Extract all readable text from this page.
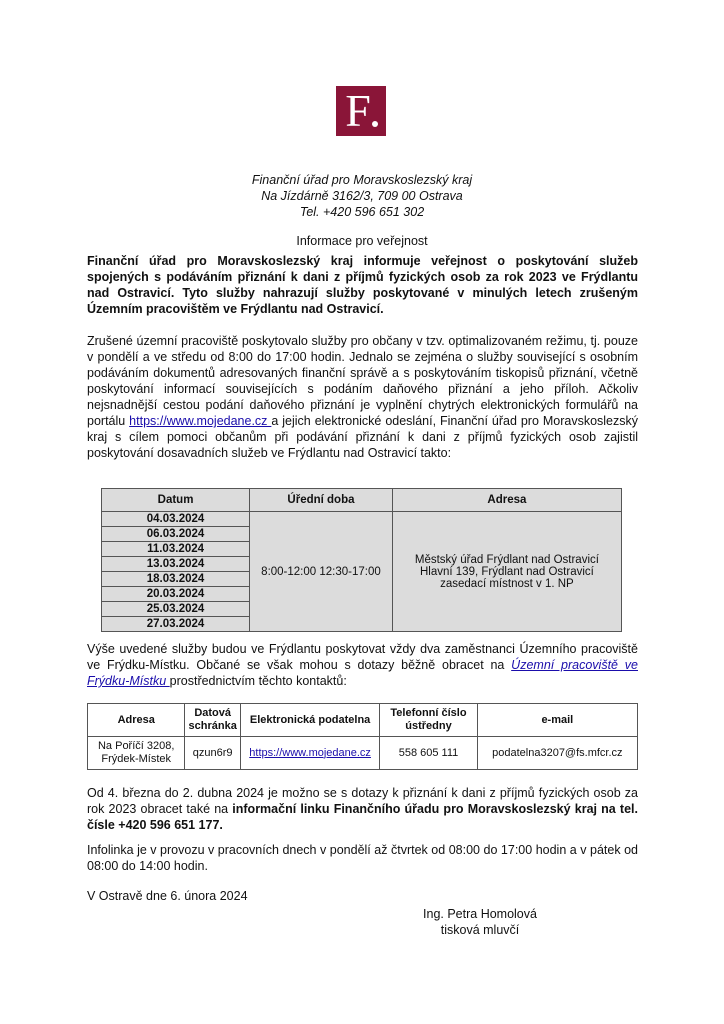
F
Finanční úřad pro Moravskoslezský kraj
Na Jízdárně 3162/3, 709 00 Ostrava
Tel. +420 596 651 302
Informace pro veřejnost
Finanční úřad pro Moravskoslezský kraj informuje veřejnost o poskytování služeb spojených s podáváním přiznání k dani z příjmů fyzických osob za rok 2023 ve Frýdlantu nad Ostravicí. Tyto služby nahrazují služby poskytované v minulých letech zrušeným Územním pracovištěm ve Frýdlantu nad Ostravicí.
Zrušené územní pracoviště poskytovalo služby pro občany v tzv. optimalizovaném režimu, tj. pouze v pondělí a ve středu od 8:00 do 17:00 hodin. Jednalo se zejména o služby související s osobním podáváním dokumentů adresovaných finanční správě a s poskytováním tiskopisů přiznání, včetně poskytování informací souvisejících s podáním daňového přiznání a jeho příloh. Ačkoliv nejsnadnější cestou podání daňového přiznání je vyplnění chytrých elektronických formulářů na portálu https://www.mojedane.cz a jejich elektronické odeslání, Finanční úřad pro Moravskoslezský kraj s cílem pomoci občanům při podávání přiznání k dani z příjmů fyzických osob zajistil poskytování dosavadních služeb ve Frýdlantu nad Ostravicí takto:
Datum	Úřední doba	Adresa
04.03.2024	8:00-12:00 12:30-17:00	Městský úřad Frýdlant nad Ostravicí
Hlavní 139, Frýdlant nad Ostravicí
zasedací místnost v 1. NP

06.03.2024		
11.03.2024		
13.03.2024		
18.03.2024		
20.03.2024		
25.03.2024		
27.03.2024		
Výše uvedené služby budou ve Frýdlantu poskytovat vždy dva zaměstnanci Územního pracoviště ve Frýdku-Místku. Občané se však mohou s dotazy běžně obracet na Územní pracoviště ve Frýdku-Místku prostřednictvím těchto kontaktů:
Adresa	Datová schránka	Elektronická podatelna	Telefonní číslo ústředny	e-mail

Na Poříčí 3208,
Frýdek-Místek	qzun6r9	https://www.mojedane.cz	558 605 111	podatelna3207@fs.mfcr.cz
Od 4. března do 2. dubna 2024 je možno se s dotazy k přiznání k dani z příjmů fyzických osob za rok 2023 obracet také na informační linku Finančního úřadu pro Moravskoslezský kraj na tel. čísle +420 596 651 177.
Infolinka je v provozu v pracovních dnech v pondělí až čtvrtek od 08:00 do 17:00 hodin a v pátek od 08:00 do 14:00 hodin.
V Ostravě dne 6. února 2024
Ing. Petra Homolová
tisková mluvčí
